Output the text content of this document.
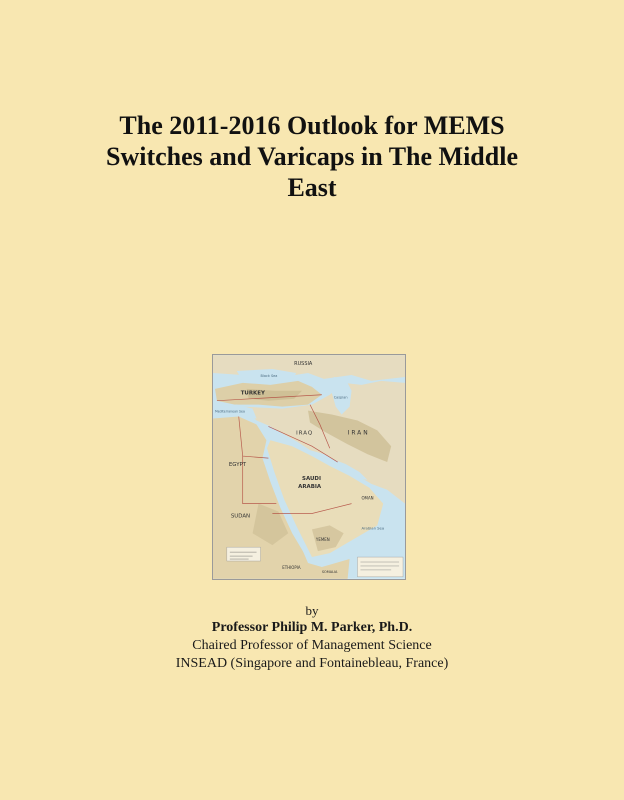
The 2011-2016 Outlook for MEMS
Switches and Varicaps in The Middle
East
RUSSIA
Black Sea
TURKEY
Caspian
Mediterranean Sea
IRAQ	IRAN
EGYPT
SAUDI
ARABIA
OMAN
SUDAN
YEMEN
Arabian Sea
ETHIOPIA
SOMALIA
by
Professor Philip M. Parker, Ph.D.
Chaired Professor of Management Science
INSEAD (Singapore and Fontainebleau, France)
